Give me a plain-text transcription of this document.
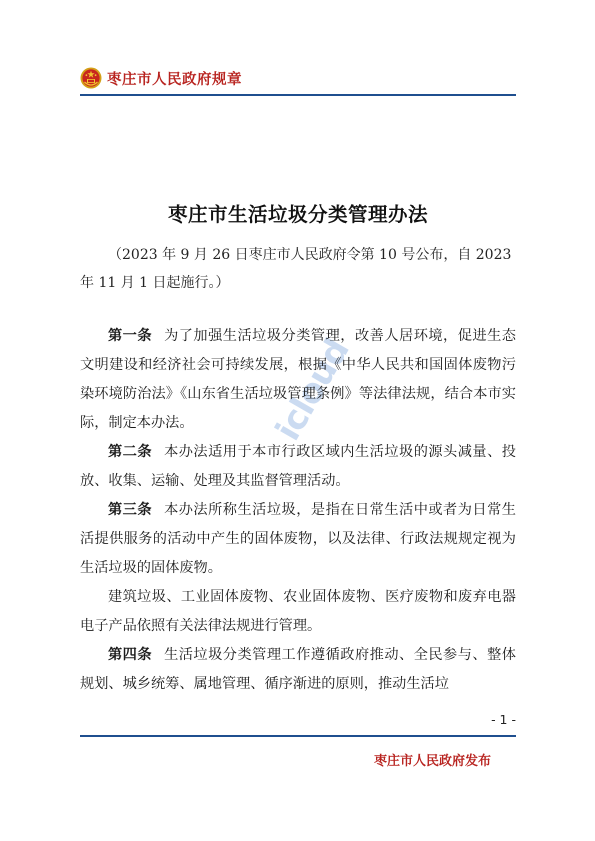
枣庄市人民政府规章
icloud
枣庄市生活垃圾分类管理办法
（2023 年 9 月 26 日枣庄市人民政府令第 10 号公布，自 2023
年 11 月 1 日起施行。）

第一条 为了加强生活垃圾分类管理，改善人居环境，促进生态文明建设和经济社会可持续发展，根据《中华人民共和国固体废物污染环境防治法》《山东省生活垃圾管理条例》等法律法规，结合本市实际，制定本办法。

第二条 本办法适用于本市行政区域内生活垃圾的源头减量、投放、收集、运输、处理及其监督管理活动。

第三条 本办法所称生活垃圾，是指在日常生活中或者为日常生活提供服务的活动中产生的固体废物，以及法律、行政法规规定视为生活垃圾的固体废物。

建筑垃圾、工业固体废物、农业固体废物、医疗废物和废弃电器电子产品依照有关法律法规进行管理。

第四条 生活垃圾分类管理工作遵循政府推动、全民参与、整体规划、城乡统筹、属地管理、循序渐进的原则，推动生活垃

- 1 -
枣庄市人民政府发布
